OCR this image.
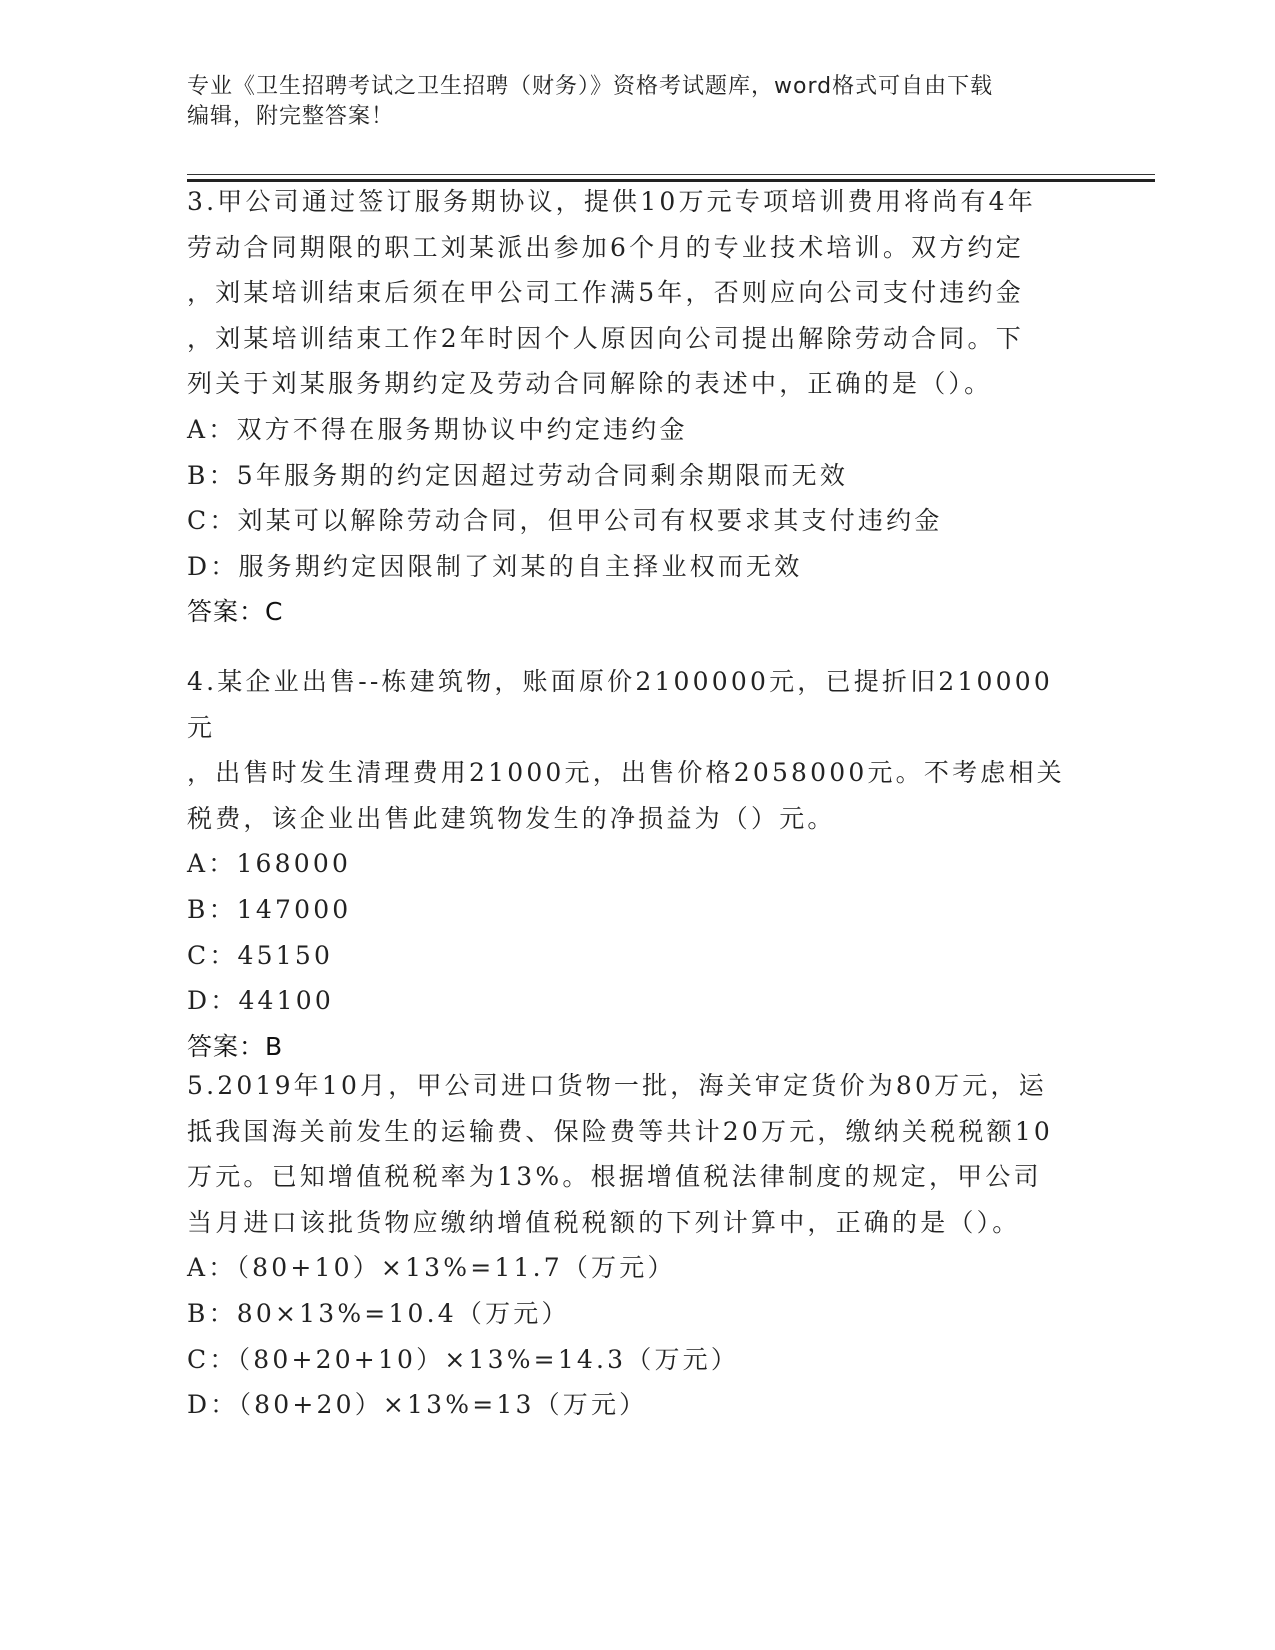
专业《卫生招聘考试之卫生招聘（财务）》资格考试题库，word格式可自由下载
编辑，附完整答案！

3.甲公司通过签订服务期协议，提供10万元专项培训费用将尚有4年

劳动合同期限的职工刘某派出参加6个月的专业技术培训。双方约定

，刘某培训结束后须在甲公司工作满5年，否则应向公司支付违约金

，刘某培训结束工作2年时因个人原因向公司提出解除劳动合同。下

列关于刘某服务期约定及劳动合同解除的表述中，正确的是（）。

A：双方不得在服务期协议中约定违约金

B：5年服务期的约定因超过劳动合同剩余期限而无效

C：刘某可以解除劳动合同，但甲公司有权要求其支付违约金

D：服务期约定因限制了刘某的自主择业权而无效

答案：C

4.某企业出售--栋建筑物，账面原价2100000元，已提折旧210000元

，出售时发生清理费用21000元，出售价格2058000元。不考虑相关

税费，该企业出售此建筑物发生的净损益为（）元。

A：168000

B：147000

C：45150

D：44100

答案：B

5.2019年10月，甲公司进口货物一批，海关审定货价为80万元，运

抵我国海关前发生的运输费、保险费等共计20万元，缴纳关税税额10

万元。已知增值税税率为13%。根据增值税法律制度的规定，甲公司

当月进口该批货物应缴纳增值税税额的下列计算中，正确的是（）。

A：（80+10）×13%=11.7（万元）

B：80×13%=10.4（万元）

C：（80+20+10）×13%=14.3（万元）

D：（80+20）×13%=13（万元）
